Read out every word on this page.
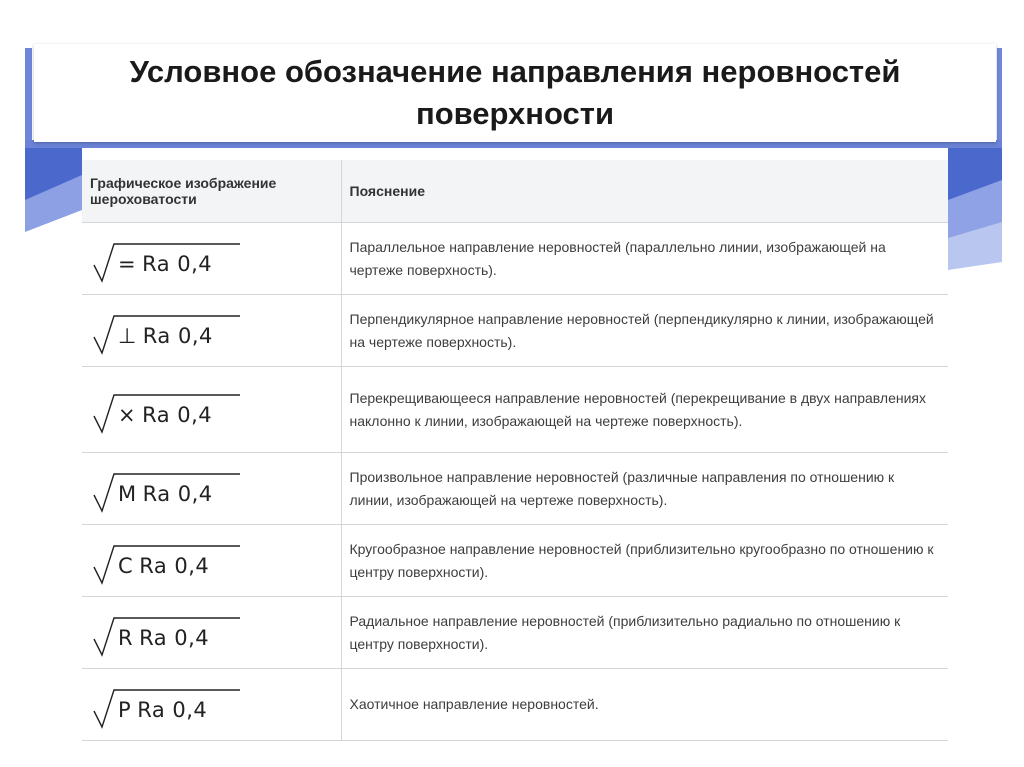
Условное обозначение направления неровностей
поверхности
Графическое изображение шероховатости	Пояснение

= Ra 0,4	Параллельное направление неровностей (параллельно линии, изображающей на чертеже поверхность).

⊥ Ra 0,4	Перпендикулярное направление неровностей (перпендикулярно к линии, изображающей на чертеже поверхность).

× Ra 0,4	Перекрещивающееся направление неровностей (перекрещивание в двух направлениях наклонно к линии, изображающей на чертеже поверхность).

M Ra 0,4	Произвольное направление неровностей (различные направления по отношению к линии, изображающей на чертеже поверхность).

C Ra 0,4	Кругообразное направление неровностей (приблизительно кругообразно по отношению к центру поверхности).

R Ra 0,4	Радиальное направление неровностей (приблизительно радиально по отношению к центру поверхности).

P Ra 0,4	Хаотичное направление неровностей.
